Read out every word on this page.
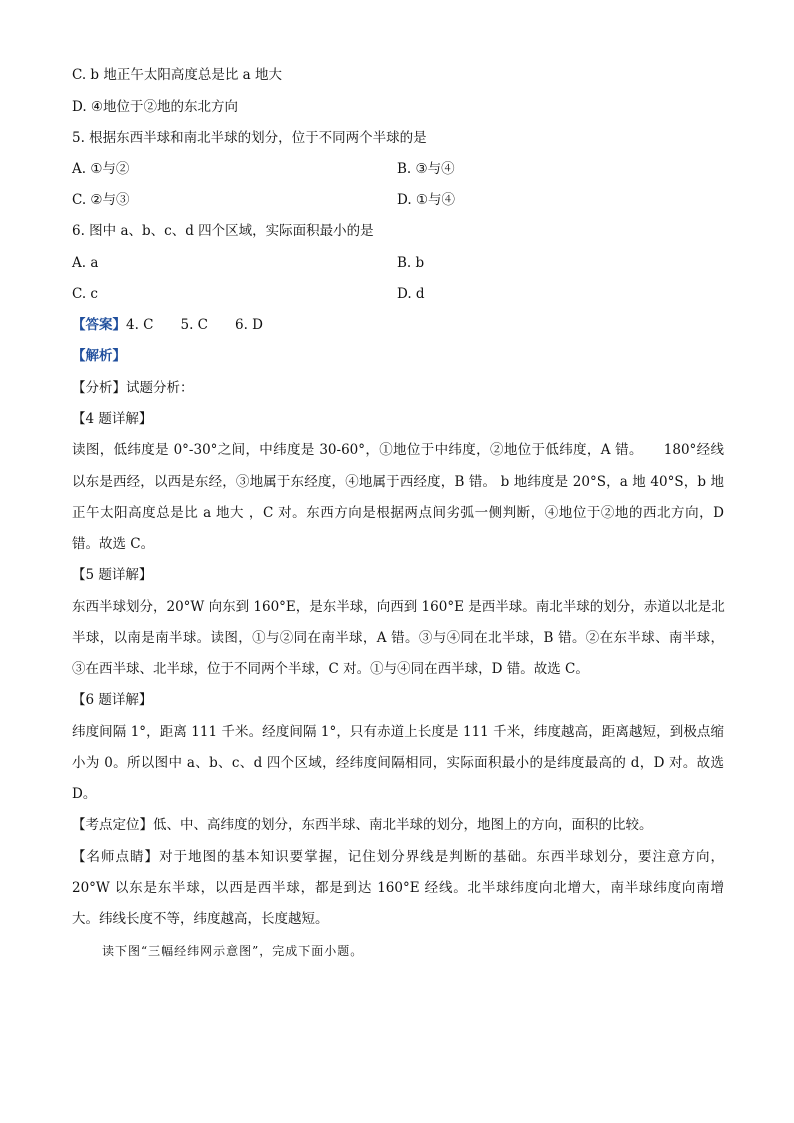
C. b 地正午太阳高度总是比 a 地大
D. ④地位于②地的东北方向
5. 根据东西半球和南北半球的划分，位于不同两个半球的是
A. ①与②	B. ③与④
C. ②与③	D. ①与④
6. 图中 a、b、c、d 四个区域，实际面积最小的是
A. a	B. b
C. c	D. d
【答案】4. C　　5. C　　6. D
【解析】
【分析】试题分析：
【4 题详解】
读图，低纬度是 0°-30°之间，中纬度是 30-60°，①地位于中纬度，②地位于低纬度，A 错。　　180°经线
以东是西经，以西是东经，③地属于东经度，④地属于西经度，B 错。 b 地纬度是 20°S，a 地 40°S，b 地
正午太阳高度总是比 a 地大 ，C 对。东西方向是根据两点间劣弧一侧判断，④地位于②地的西北方向，D
错。故选 C。
【5 题详解】
东西半球划分，20°W 向东到 160°E，是东半球，向西到 160°E 是西半球。南北半球的划分，赤道以北是北
半球，以南是南半球。读图，①与②同在南半球，A 错。③与④同在北半球，B 错。②在东半球、南半球，
③在西半球、北半球，位于不同两个半球，C 对。①与④同在西半球，D 错。故选 C。
【6 题详解】
纬度间隔 1°，距离 111 千米。经度间隔 1°，只有赤道上长度是 111 千米，纬度越高，距离越短，到极点缩
小为 0。所以图中 a、b、c、d 四个区域，经纬度间隔相同，实际面积最小的是纬度最高的 d，D 对。故选
D。
【考点定位】低、中、高纬度的划分，东西半球、南北半球的划分，地图上的方向，面积的比较。
【名师点睛】对于地图的基本知识要掌握，记住划分界线是判断的基础。东西半球划分，要注意方向，
20°W 以东是东半球，以西是西半球，都是到达 160°E 经线。北半球纬度向北增大，南半球纬度向南增
大。纬线长度不等，纬度越高，长度越短。
读下图“三幅经纬网示意图”，完成下面小题。
